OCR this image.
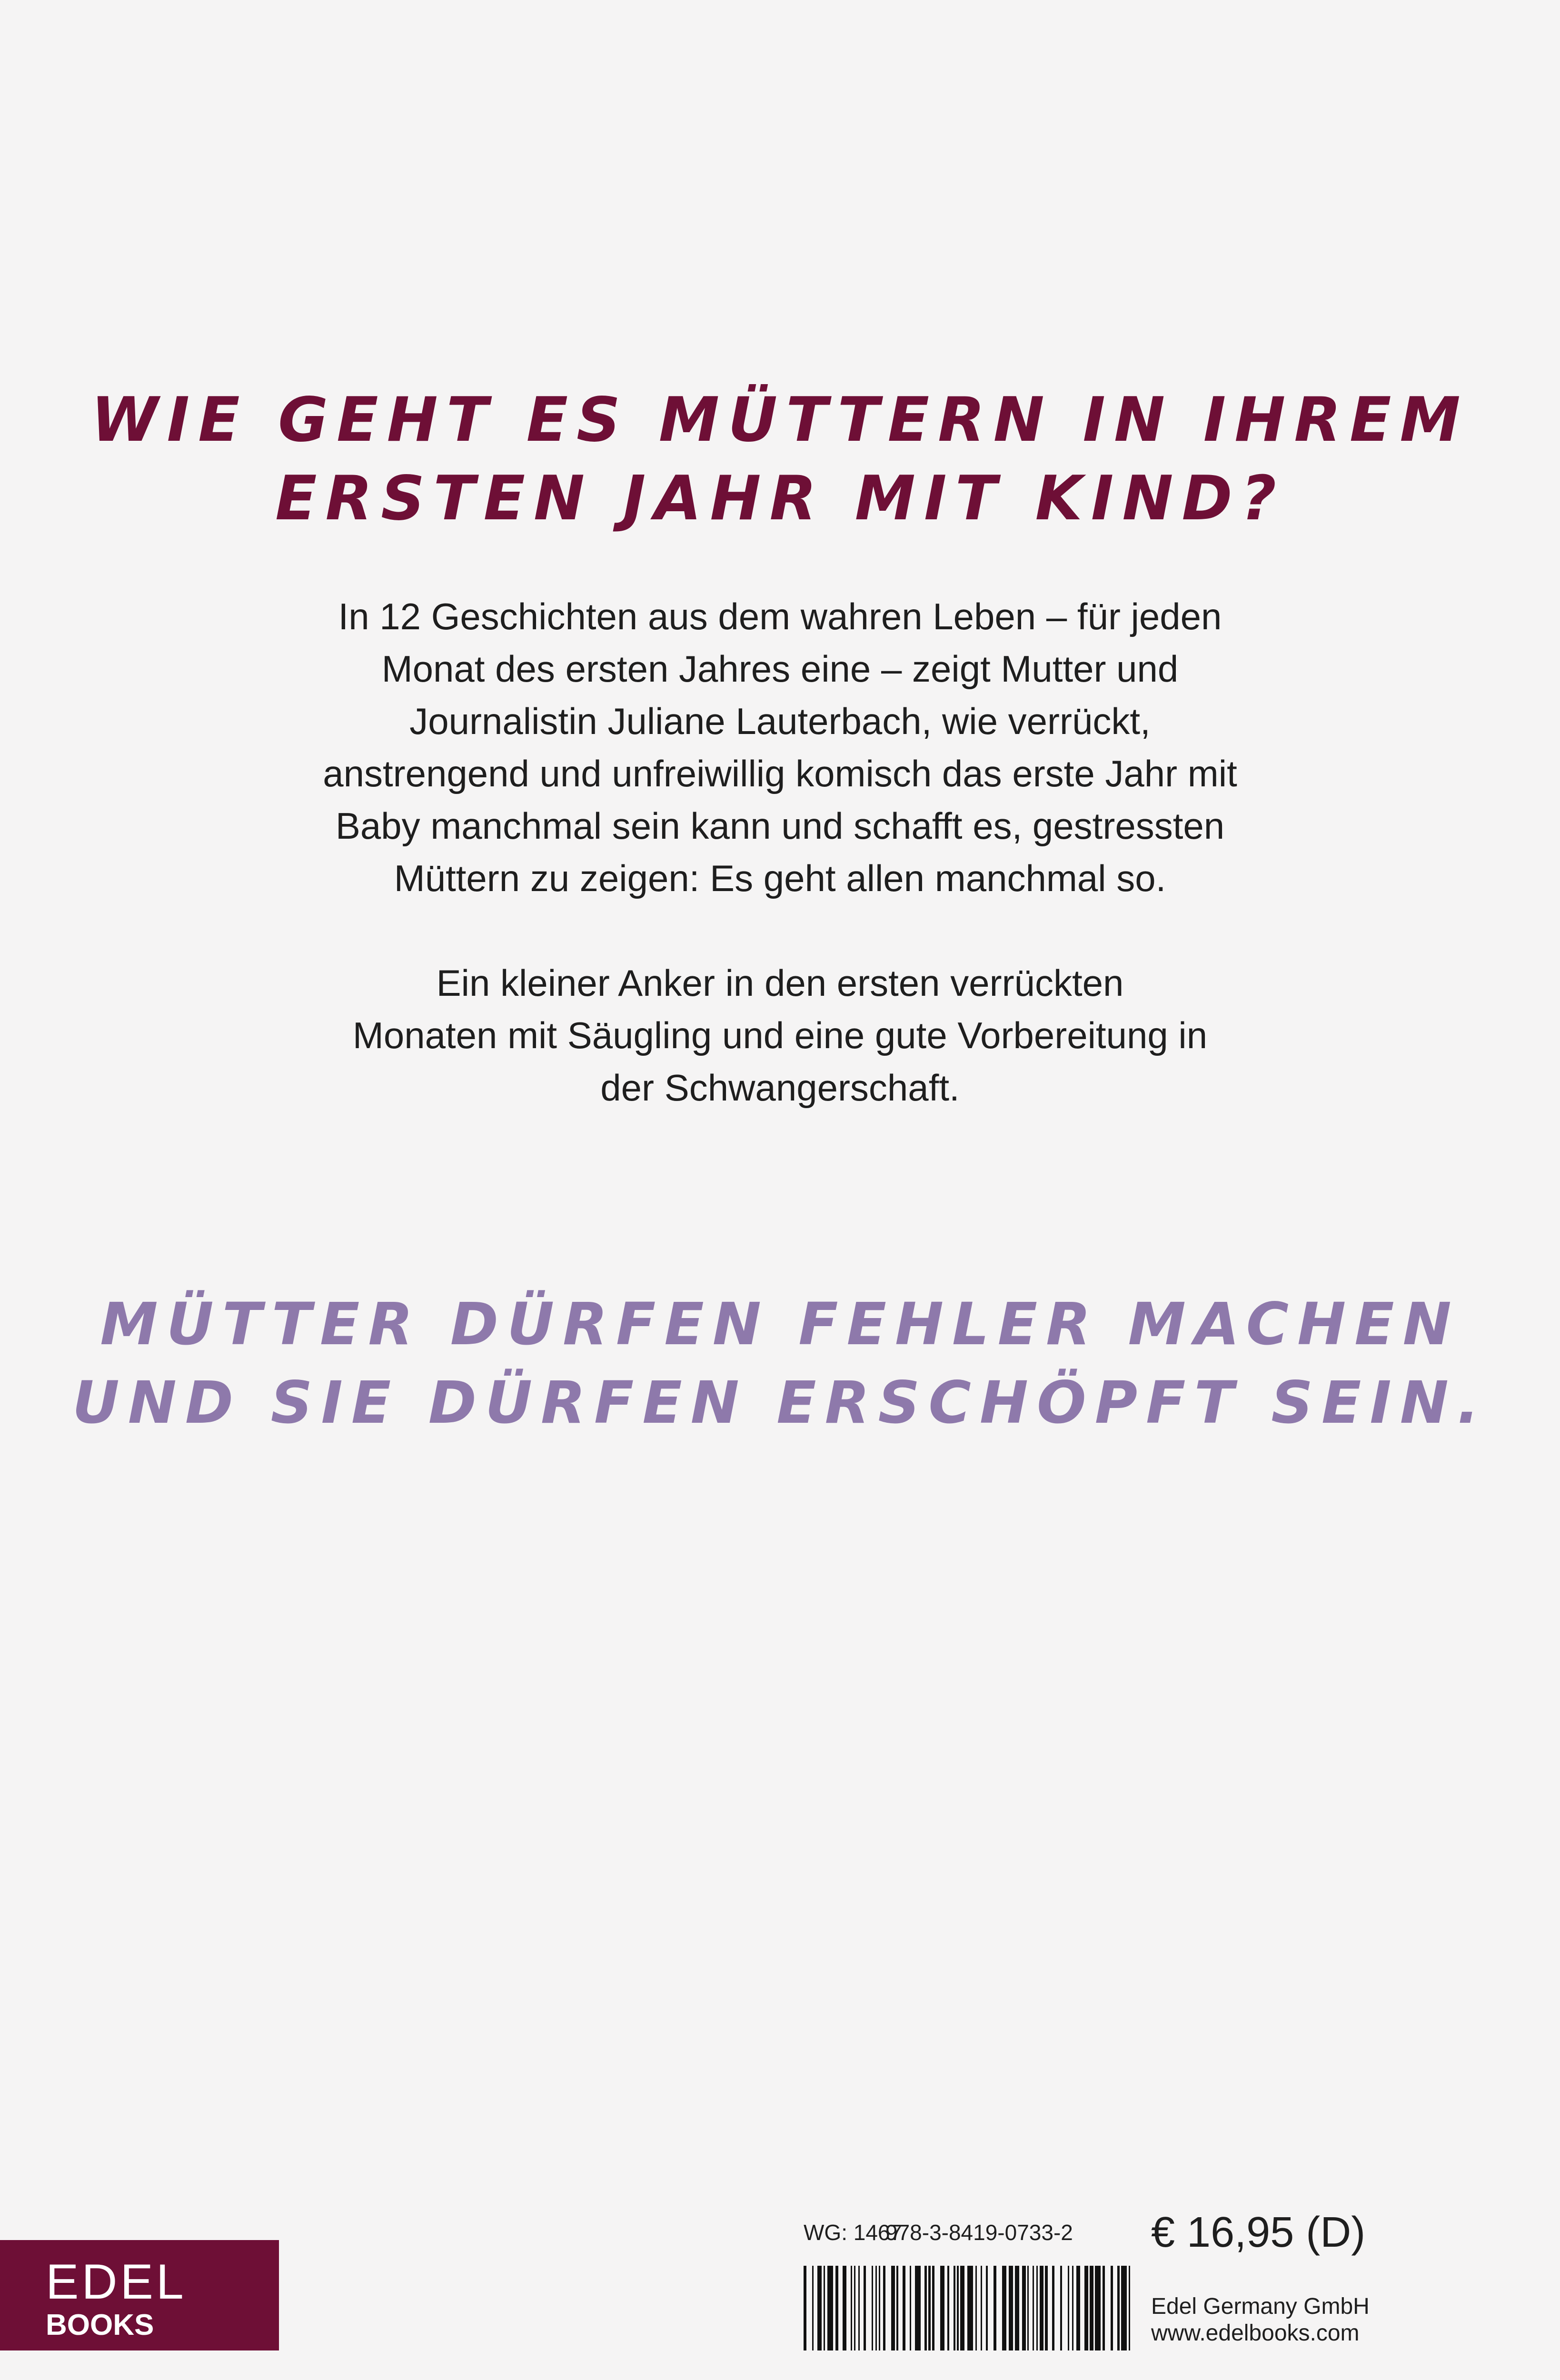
WIE GEHT ES MÜTTERN IN IHREM
ERSTEN JAHR MIT KIND?

In 12 Geschichten aus dem wahren Leben – für jeden
Monat des ersten Jahres eine – zeigt Mutter und
Journalistin Juliane Lauterbach, wie verrückt,
anstrengend und unfreiwillig komisch das erste Jahr mit
Baby manchmal sein kann und schafft es, gestressten
Müttern zu zeigen: Es geht allen manchmal so.

Ein kleiner Anker in den ersten verrückten
Monaten mit Säugling und eine gute Vorbereitung in
der Schwangerschaft.

MÜTTER DÜRFEN FEHLER MACHEN
UND SIE DÜRFEN ERSCHÖPFT SEIN.
EDEL
BOOKS
WG: 1467
978-3-8419-0733-2 € 16,95 (D)
Edel Germany GmbH
www.edelbooks.com
